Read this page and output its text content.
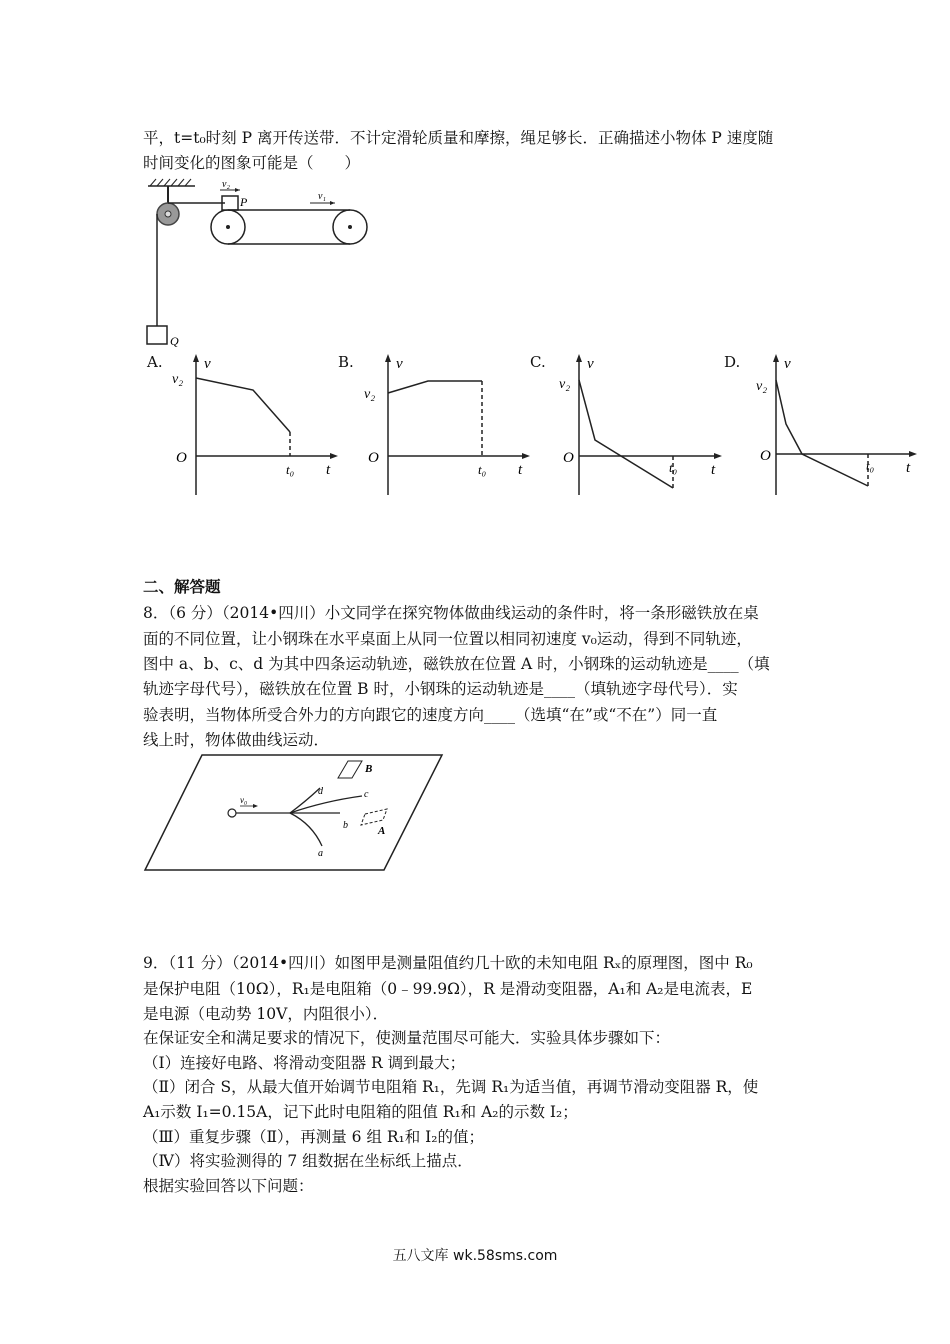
平，t=t₀时刻 P 离开传送带．不计定滑轮质量和摩擦，绳足够长．正确描述小物体 P 速度随
时间变化的图象可能是（　　）
Q
P
v₂
v₁
A.	B.	C.	D.
v
v₂
O
t₀ t
v
v₂
O
t₀ t
v
v₂
O
t₀ t
v
v₂
O
t₀ t
二、解答题
8．（6 分）（2014•四川）小文同学在探究物体做曲线运动的条件时，将一条形磁铁放在桌
面的不同位置，让小钢珠在水平桌面上从同一位置以相同初速度 v₀运动，得到不同轨迹，
图中 a、b、c、d 为其中四条运动轨迹，磁铁放在位置 A 时，小钢珠的运动轨迹是____（填
轨迹字母代号），磁铁放在位置 B 时，小钢珠的运动轨迹是____（填轨迹字母代号）．实
验表明，当物体所受合外力的方向跟它的速度方向____（选填“在”或“不在”）同一直
线上时，物体做曲线运动．
v₀
d	c
b
a
B
A
9．（11 分）（2014•四川）如图甲是测量阻值约几十欧的未知电阻 Rₓ的原理图，图中 R₀
是保护电阻（10Ω），R₁是电阻箱（0﹣99.9Ω），R 是滑动变阻器，A₁和 A₂是电流表，E
是电源（电动势 10V，内阻很小）．
在保证安全和满足要求的情况下，使测量范围尽可能大．实验具体步骤如下：
（Ⅰ）连接好电路、将滑动变阻器 R 调到最大；
（Ⅱ）闭合 S，从最大值开始调节电阻箱 R₁，先调 R₁为适当值，再调节滑动变阻器 R，使
A₁示数 I₁=0.15A，记下此时电阻箱的阻值 R₁和 A₂的示数 I₂；
（Ⅲ）重复步骤（Ⅱ），再测量 6 组 R₁和 I₂的值；
（Ⅳ）将实验测得的 7 组数据在坐标纸上描点．
根据实验回答以下问题：
五八文库 wk.58sms.com
